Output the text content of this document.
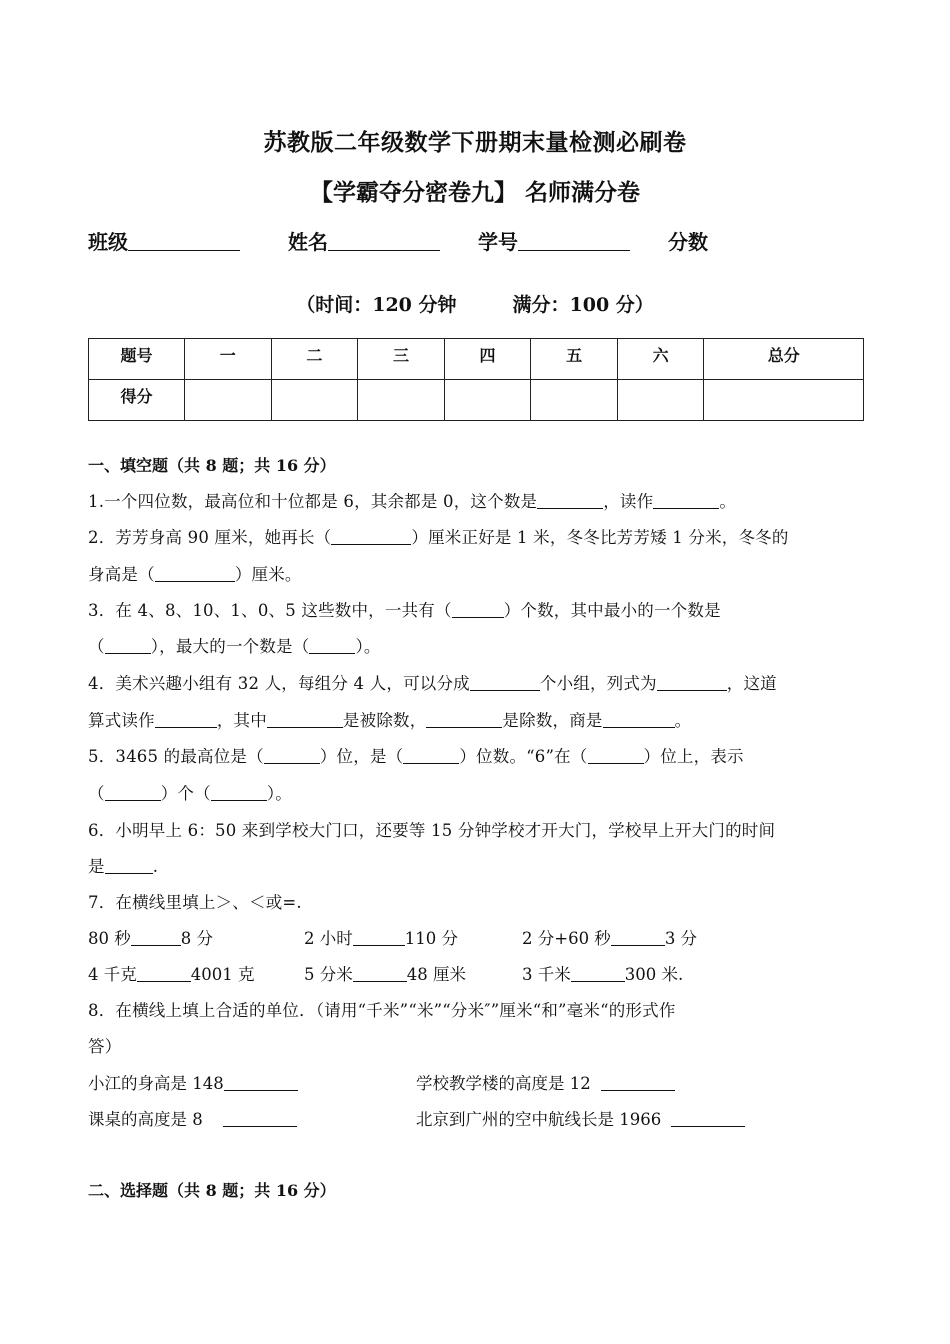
苏教版二年级数学下册期末量检测必刷卷
【学霸夺分密卷九】 名师满分卷
班级	姓名	学号	分数
（时间：120 分钟	满分：100 分）
题号	一	二	三	四	五	六	总分
得分							
一、填空题（共 8 题；共 16 分）
1.一个四位数，最高位和十位都是 6，其余都是 0，这个数是	，读作	。
2．芳芳身高 90 厘米，她再长（	）厘米正好是 1 米，冬冬比芳芳矮 1 分米，冬冬的
身高是（	）厘米。
3．在 4、8、10、1、0、5 这些数中，一共有（	）个数，其中最小的一个数是
（	），最大的一个数是（	）。
4．美术兴趣小组有 32 人，每组分 4 人，可以分成	个小组，列式为	，这道
算式读作	，其中	是被除数，	是除数，商是	。
5．3465 的最高位是（	）位，是（	）位数。“6”在（	）位上，表示
（	）个（	）。
6．小明早上 6：50 来到学校大门口，还要等 15 分钟学校才开大门，学校早上开大门的时间
是	.
7．在横线里填上＞、＜或=.
80 秒	8 分	2 小时	110 分	2 分+60 秒	3 分
4 千克	4001 克	5 分米	48 厘米	3 千米	300 米.
8．在横线上填上合适的单位．（请用“千米”“米”“分米″”厘米“和”毫米“的形式作
答）
小江的身高是 148	学校教学楼的高度是 12
课桌的高度是 8	北京到广州的空中航线长是 1966
二、选择题（共 8 题；共 16 分）
